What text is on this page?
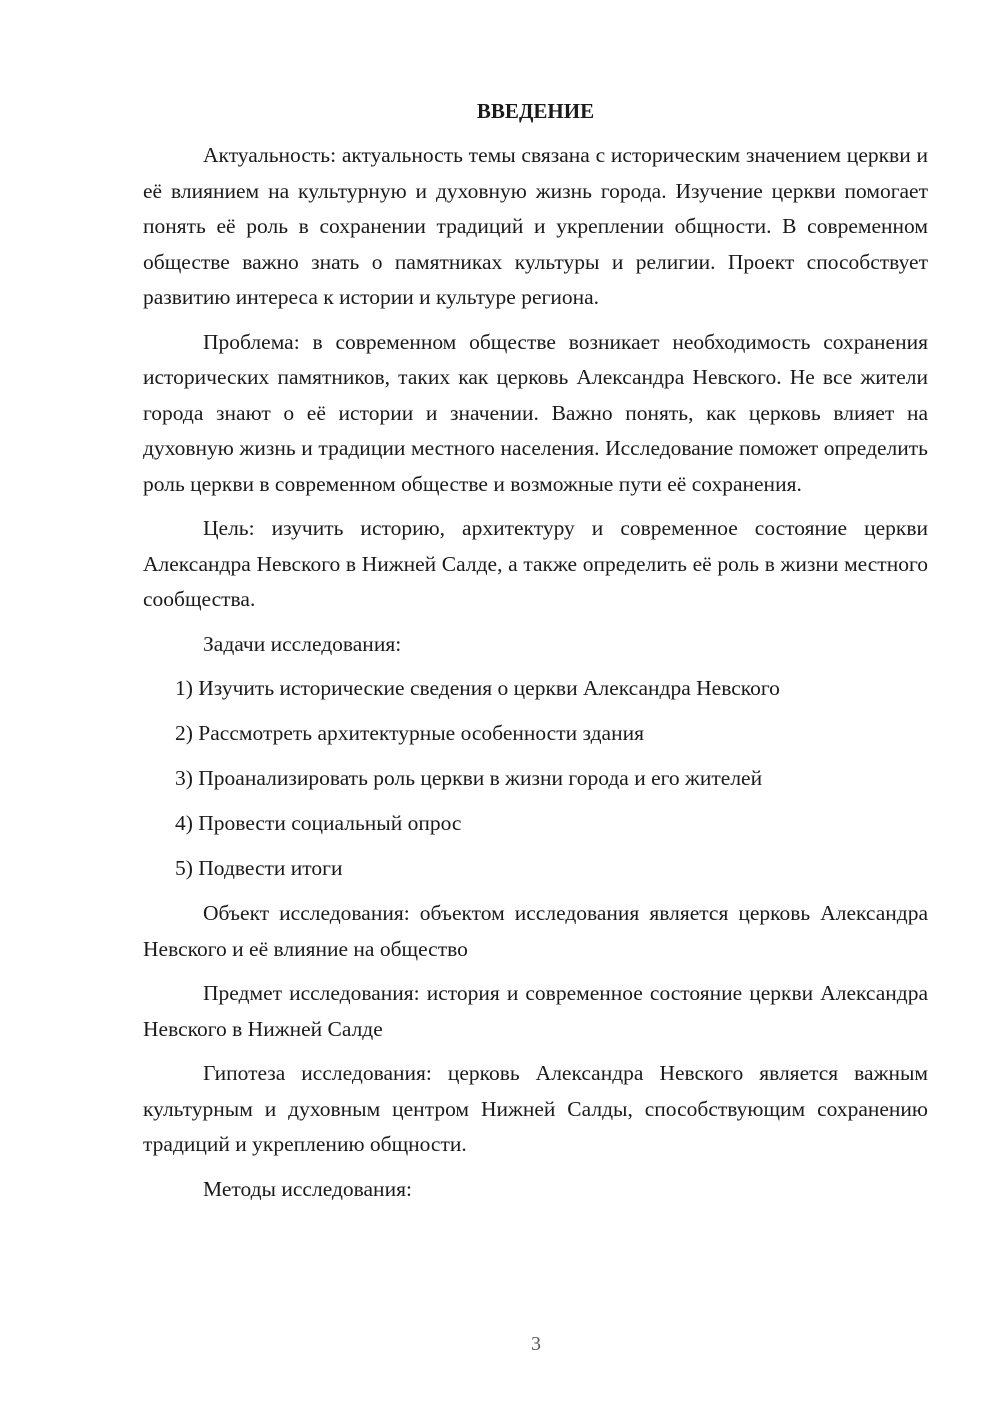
ВВЕДЕНИЕ

Актуальность: актуальность темы связана с историческим значением церкви и её влиянием на культурную и духовную жизнь города. Изучение церкви помогает понять её роль в сохранении традиций и укреплении общности. В современном обществе важно знать о памятниках культуры и религии. Проект способствует развитию интереса к истории и культуре региона.

Проблема: в современном обществе возникает необходимость сохранения исторических памятников, таких как церковь Александра Невского. Не все жители города знают о её истории и значении. Важно понять, как церковь влияет на духовную жизнь и традиции местного населения. Исследование поможет определить роль церкви в современном обществе и возможные пути её сохранения.

Цель: изучить историю, архитектуру и современное состояние церкви Александра Невского в Нижней Салде, а также определить её роль в жизни местного сообщества.

Задачи исследования:

1) Изучить исторические сведения о церкви Александра Невского
2) Рассмотреть архитектурные особенности здания
3) Проанализировать роль церкви в жизни города и его жителей
4) Провести социальный опрос
5) Подвести итоги

Объект исследования: объектом исследования является церковь Александра Невского и её влияние на общество

Предмет исследования: история и современное состояние церкви Александра Невского в Нижней Салде

Гипотеза исследования: церковь Александра Невского является важным культурным и духовным центром Нижней Салды, способствующим сохранению традиций и укреплению общности.

Методы исследования:

3
